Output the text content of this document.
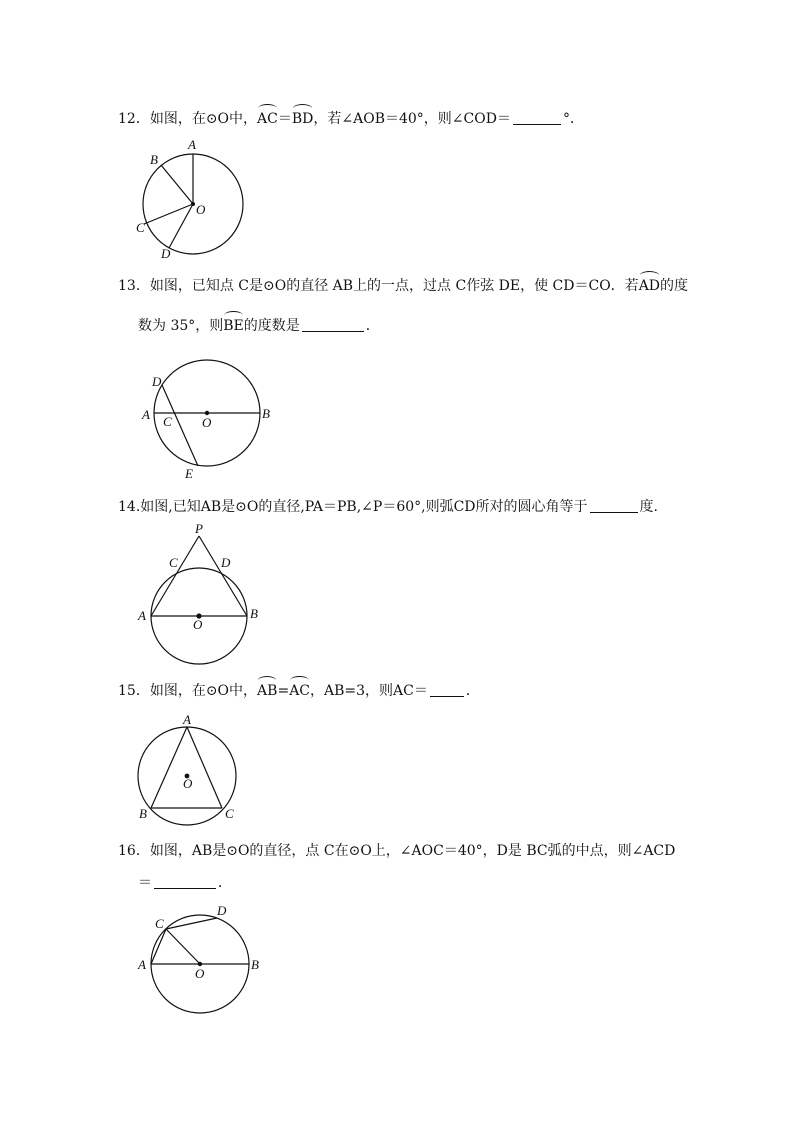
12．如图，在⊙O中，AC＝BD，若∠AOB＝40°，则∠COD＝	°．
A
B
C
D
O
13．如图，已知点 C是⊙O的直径 AB上的一点，过点 C作弦 DE，使 CD＝CO．若AD的度
数为 35°，则BE的度数是	．
D
A C O
B
E
14.如图,已知AB是⊙O的直径,PA＝PB,∠P＝60°,则弧CD所对的圆心角等于	度.
P
C	D
A	B
O
15．如图，在⊙O中，AB=AC，AB=3，则AC＝	．
A
O
B	C
16．如图，AB是⊙O的直径，点 C在⊙O上，∠AOC＝40°，D是 BC弧的中点，则∠ACD
＝	．
C
D
A	B
O
